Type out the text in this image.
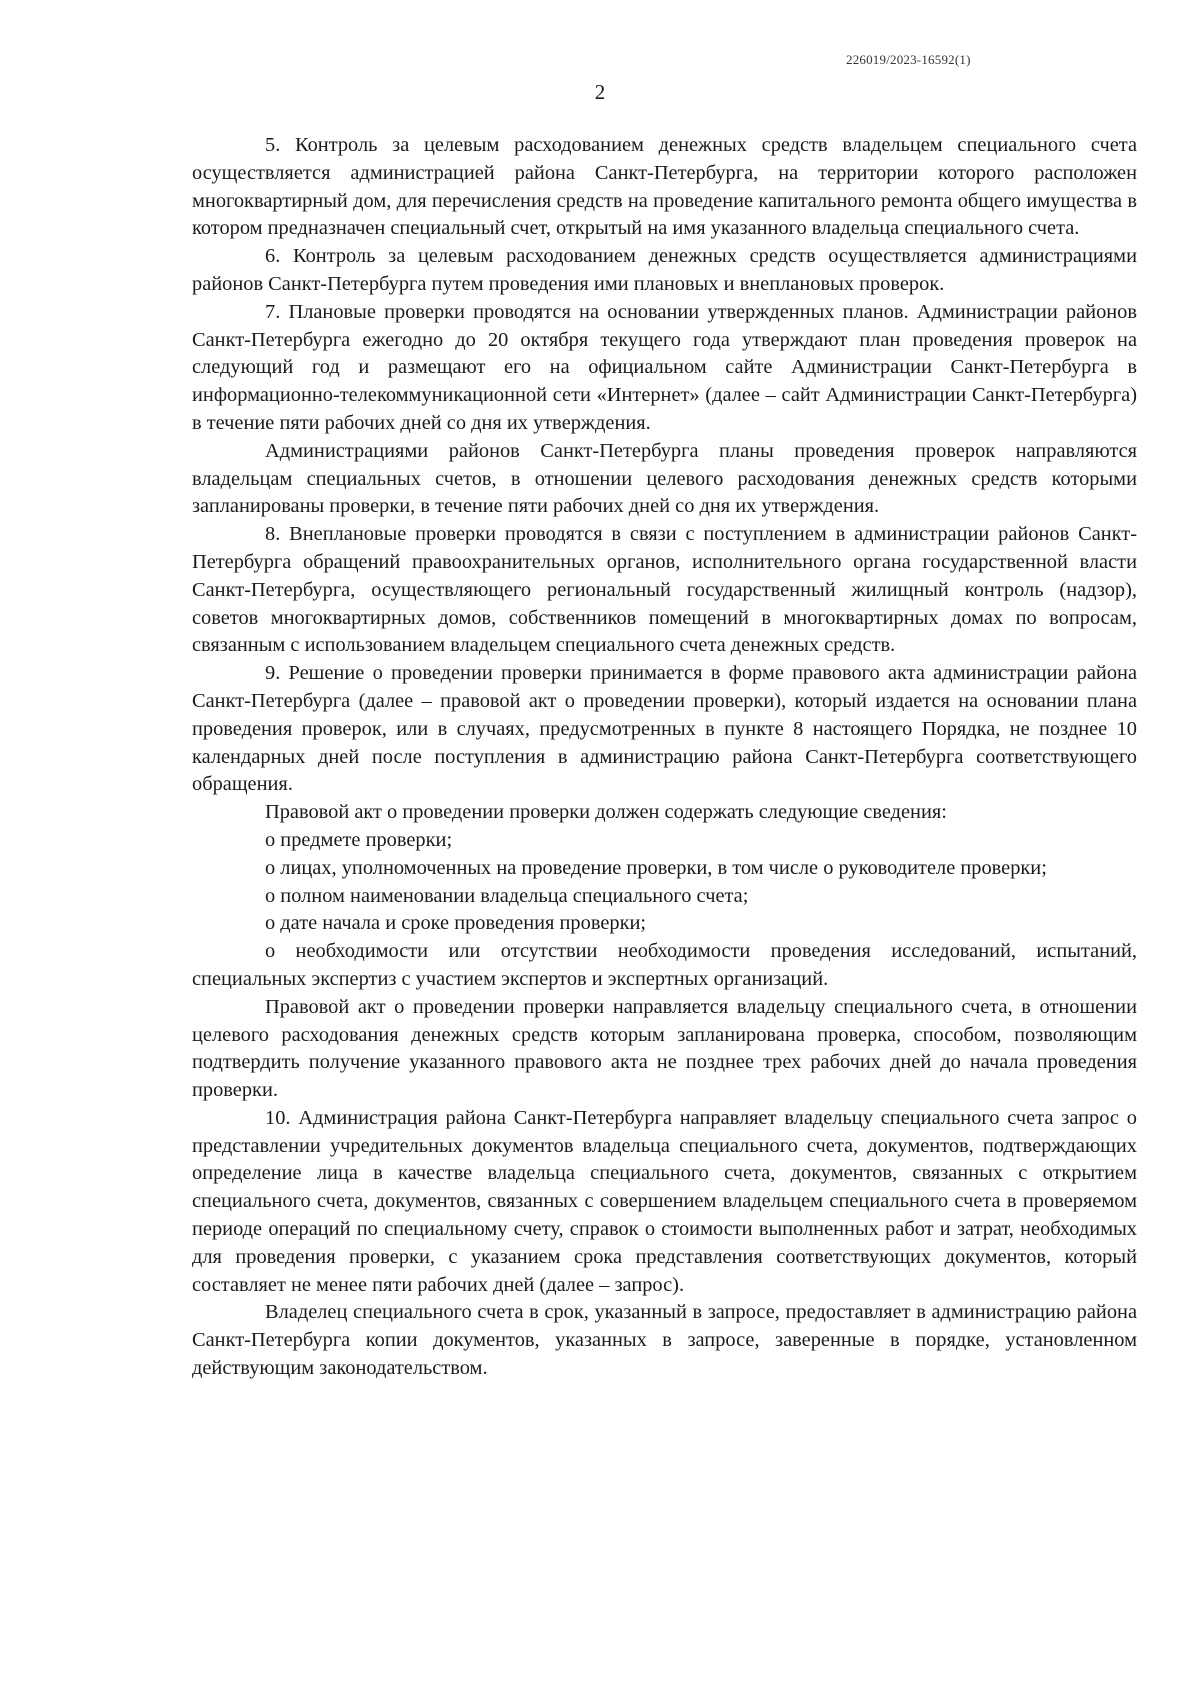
226019/2023-16592(1)
2

5. Контроль за целевым расходованием денежных средств владельцем специального счета осуществляется администрацией района Санкт-Петербурга, на территории которого расположен многоквартирный дом, для перечисления средств на проведение капитального ремонта общего имущества в котором предназначен специальный счет, открытый на имя указанного владельца специального счета.

6. Контроль за целевым расходованием денежных средств осуществляется администрациями районов Санкт-Петербурга путем проведения ими плановых и внеплановых проверок.

7. Плановые проверки проводятся на основании утвержденных планов. Администрации районов Санкт-Петербурга ежегодно до 20 октября текущего года утверждают план проведения проверок на следующий год и размещают его на официальном сайте Администрации Санкт-Петербурга в информационно-телекоммуникационной сети «Интернет» (далее – сайт Администрации Санкт-Петербурга) в течение пяти рабочих дней со дня их утверждения.

Администрациями районов Санкт-Петербурга планы проведения проверок направляются владельцам специальных счетов, в отношении целевого расходования денежных средств которыми запланированы проверки, в течение пяти рабочих дней со дня их утверждения.

8. Внеплановые проверки проводятся в связи с поступлением в администрации районов Санкт-Петербурга обращений правоохранительных органов, исполнительного органа государственной власти Санкт-Петербурга, осуществляющего региональный государственный жилищный контроль (надзор), советов многоквартирных домов, собственников помещений в многоквартирных домах по вопросам, связанным с использованием владельцем специального счета денежных средств.

9. Решение о проведении проверки принимается в форме правового акта администрации района Санкт-Петербурга (далее – правовой акт о проведении проверки), который издается на основании плана проведения проверок, или в случаях, предусмотренных в пункте 8 настоящего Порядка, не позднее 10 календарных дней после поступления в администрацию района Санкт-Петербурга соответствующего обращения.

Правовой акт о проведении проверки должен содержать следующие сведения:

о предмете проверки;

о лицах, уполномоченных на проведение проверки, в том числе о руководителе проверки;

о полном наименовании владельца специального счета;

о дате начала и сроке проведения проверки;

о необходимости или отсутствии необходимости проведения исследований, испытаний, специальных экспертиз с участием экспертов и экспертных организаций.

Правовой акт о проведении проверки направляется владельцу специального счета, в отношении целевого расходования денежных средств которым запланирована проверка, способом, позволяющим подтвердить получение указанного правового акта не позднее трех рабочих дней до начала проведения проверки.

10. Администрация района Санкт-Петербурга направляет владельцу специального счета запрос о представлении учредительных документов владельца специального счета, документов, подтверждающих определение лица в качестве владельца специального счета, документов, связанных с открытием специального счета, документов, связанных с совершением владельцем специального счета в проверяемом периоде операций по специальному счету, справок о стоимости выполненных работ и затрат, необходимых для проведения проверки, с указанием срока представления соответствующих документов, который составляет не менее пяти рабочих дней (далее – запрос).

Владелец специального счета в срок, указанный в запросе, предоставляет в администрацию района Санкт-Петербурга копии документов, указанных в запросе, заверенные в порядке, установленном действующим законодательством.
